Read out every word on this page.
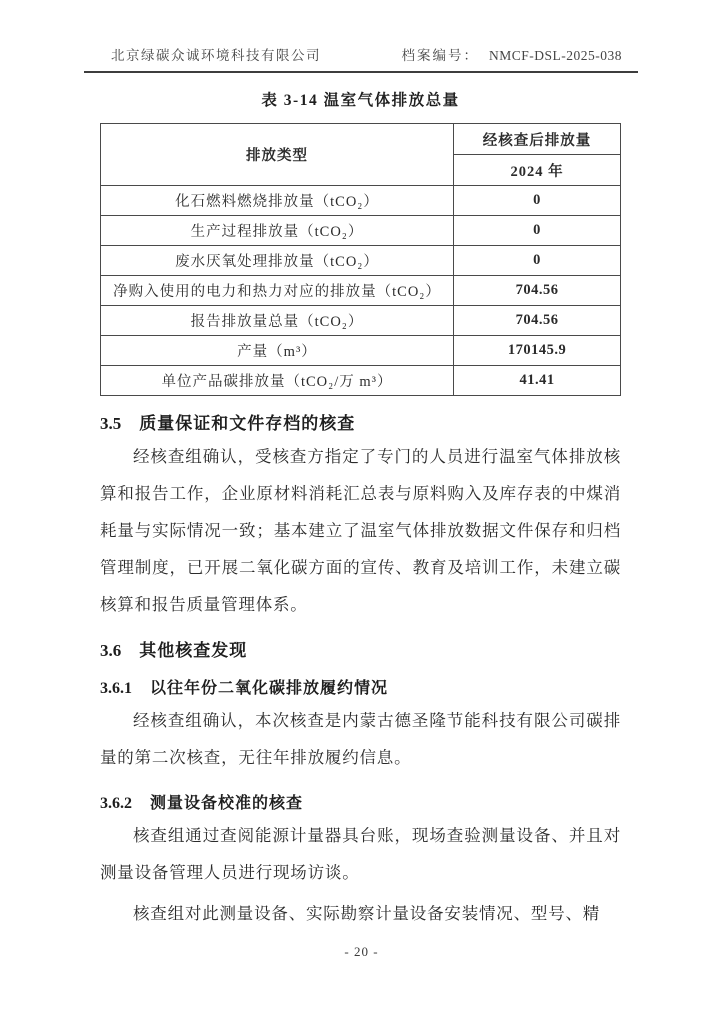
北京绿碳众诚环境科技有限公司	档案编号： NMCF-DSL-2025-038
表 3-14 温室气体排放总量
排放类型	经核查后排放量
	2024 年
化石燃料燃烧排放量（tCO₂）	0
生产过程排放量（tCO₂）	0
废水厌氧处理排放量（tCO₂）	0
净购入使用的电力和热力对应的排放量（tCO₂）	704.56
报告排放量总量（tCO₂）	704.56
产量（m³）	170145.9
单位产品碳排放量（tCO₂/万 m³）	41.41
3.5 质量保证和文件存档的核查
经核查组确认，受核查方指定了专门的人员进行温室气体排放核算和报告工作，企业原材料消耗汇总表与原料购入及库存表的中煤消耗量与实际情况一致；基本建立了温室气体排放数据文件保存和归档管理制度，已开展二氧化碳方面的宣传、教育及培训工作，未建立碳核算和报告质量管理体系。
3.6 其他核查发现
3.6.1 以往年份二氧化碳排放履约情况
经核查组确认，本次核查是内蒙古德圣隆节能科技有限公司碳排量的第二次核查，无往年排放履约信息。
3.6.2 测量设备校准的核查
核查组通过查阅能源计量器具台账，现场查验测量设备、并且对测量设备管理人员进行现场访谈。
核查组对此测量设备、实际勘察计量设备安装情况、型号、精
- 20 -
